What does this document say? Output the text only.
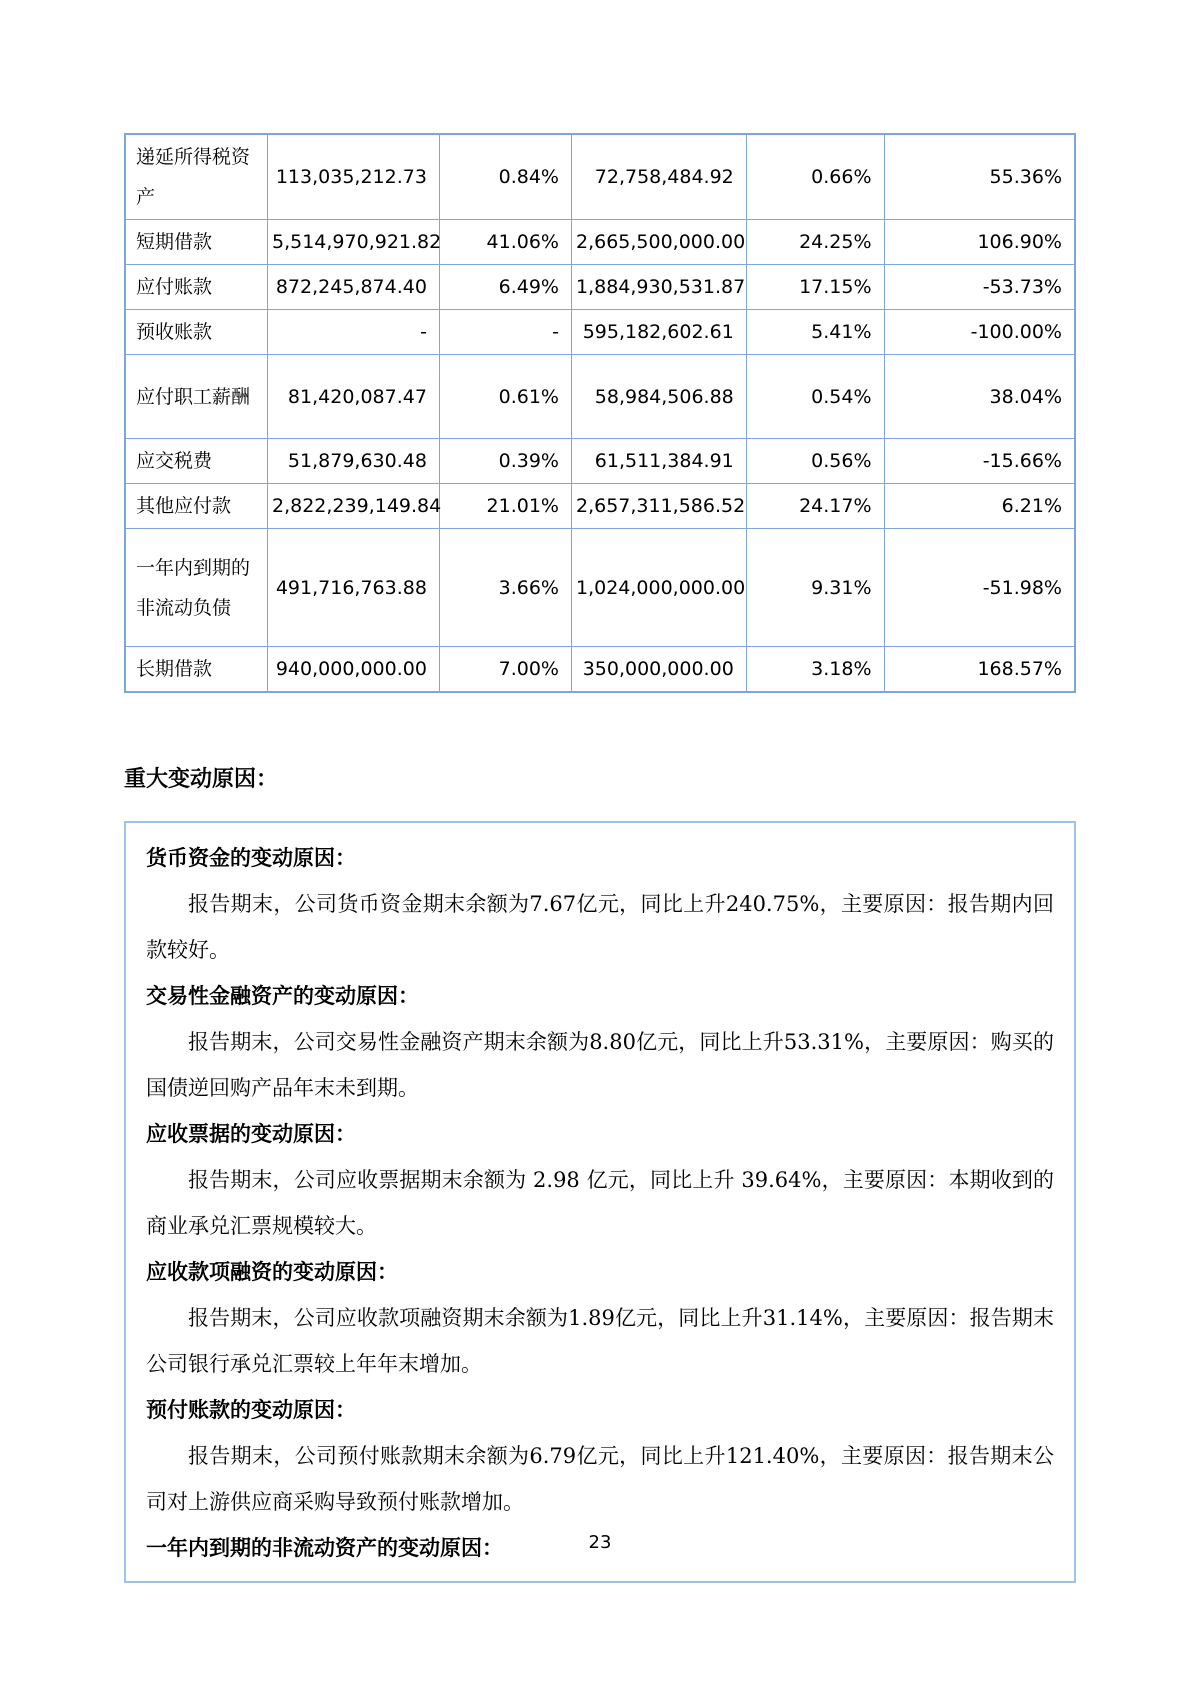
递延所得税资产	113,035,212.73	0.84%	72,758,484.92	0.66%	55.36%
短期借款	5,514,970,921.82	41.06%	2,665,500,000.00	24.25%	106.90%
应付账款	872,245,874.40	6.49%	1,884,930,531.87	17.15%	-53.73%
预收账款	-	-	595,182,602.61	5.41%	-100.00%
应付职工薪酬	81,420,087.47	0.61%	58,984,506.88	0.54%	38.04%
应交税费	51,879,630.48	0.39%	61,511,384.91	0.56%	-15.66%
其他应付款	2,822,239,149.84	21.01%	2,657,311,586.52	24.17%	6.21%
一年内到期的非流动负债	491,716,763.88	3.66%	1,024,000,000.00	9.31%	-51.98%
长期借款	940,000,000.00	7.00%	350,000,000.00	3.18%	168.57%
重大变动原因：
货币资金的变动原因：
报告期末，公司货币资金期末余额为7.67亿元，同比上升240.75%，主要原因：报告期内回款较好。
交易性金融资产的变动原因：
报告期末，公司交易性金融资产期末余额为8.80亿元，同比上升53.31%，主要原因：购买的国债逆回购产品年末未到期。
应收票据的变动原因：
报告期末，公司应收票据期末余额为 2.98 亿元，同比上升 39.64%，主要原因：本期收到的商业承兑汇票规模较大。
应收款项融资的变动原因：
报告期末，公司应收款项融资期末余额为1.89亿元，同比上升31.14%，主要原因：报告期末公司银行承兑汇票较上年年末增加。
预付账款的变动原因：
报告期末，公司预付账款期末余额为6.79亿元，同比上升121.40%，主要原因：报告期末公司对上游供应商采购导致预付账款增加。
一年内到期的非流动资产的变动原因：	23
